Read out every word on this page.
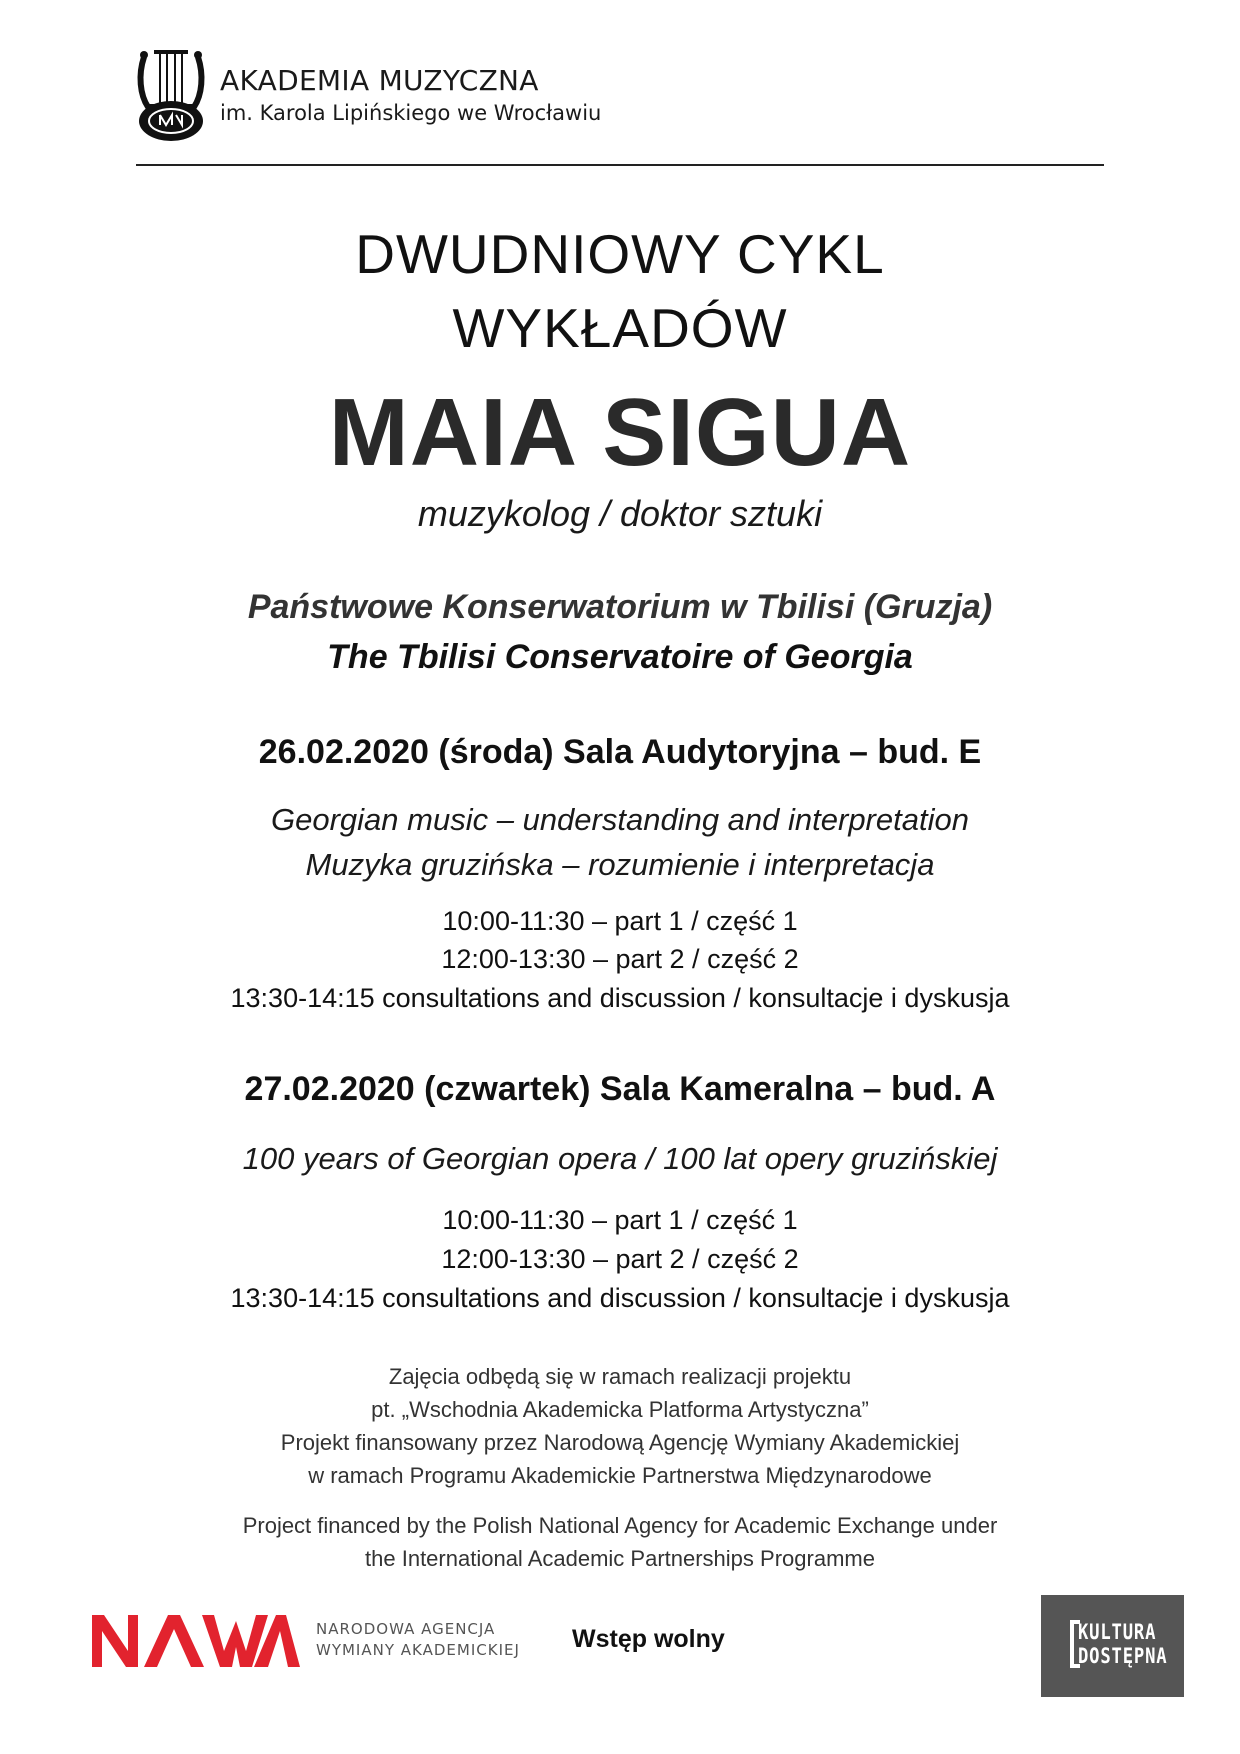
AKADEMIA MUZYCZNA
im. Karola Lipińskiego we Wrocławiu
DWUDNIOWY CYKL
WYKŁADÓW
MAIA SIGUA
muzykolog / doktor sztuki
Państwowe Konserwatorium w Tbilisi (Gruzja)
The Tbilisi Conservatoire of Georgia
26.02.2020 (środa) Sala Audytoryjna – bud. E
Georgian music – understanding and interpretation
Muzyka gruzińska – rozumienie i interpretacja
10:00-11:30 – part 1 / część 1
12:00-13:30 – part 2 / część 2
13:30-14:15 consultations and discussion / konsultacje i dyskusja
27.02.2020 (czwartek) Sala Kameralna – bud. A
100 years of Georgian opera / 100 lat opery gruzińskiej
10:00-11:30 – part 1 / część 1
12:00-13:30 – part 2 / część 2
13:30-14:15 consultations and discussion / konsultacje i dyskusja
Zajęcia odbędą się w ramach realizacji projektu
pt. „Wschodnia Akademicka Platforma Artystyczna”
Projekt finansowany przez Narodową Agencję Wymiany Akademickiej
w ramach Programu Akademickie Partnerstwa Międzynarodowe
Project financed by the Polish National Agency for Academic Exchange under
the International Academic Partnerships Programme
NARODOWA AGENCJA
WYMIANY AKADEMICKIEJ Wstęp wolny	KULTURA
DOSTĘPNA
